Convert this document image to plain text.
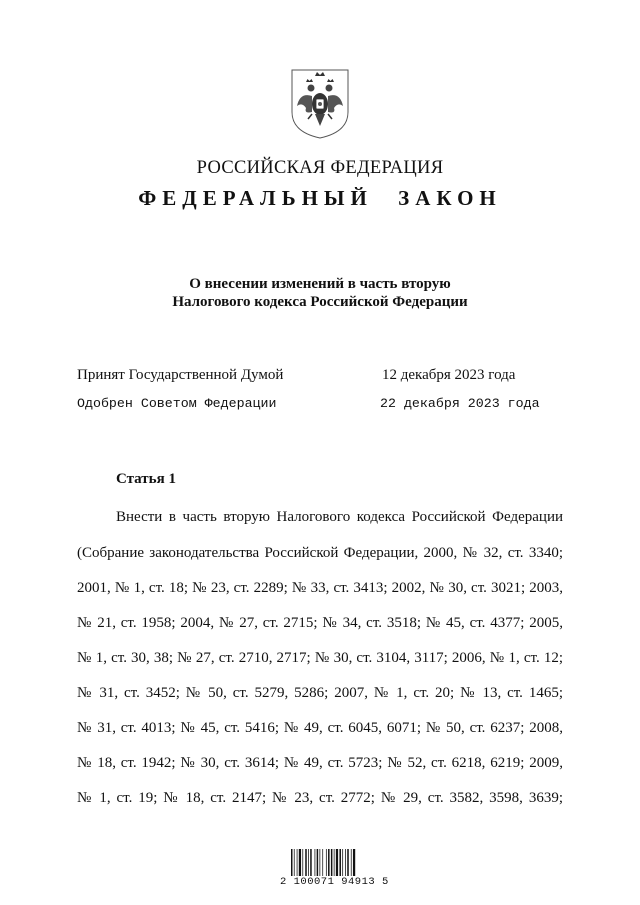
РОССИЙСКАЯ ФЕДЕРАЦИЯ
ФЕДЕРАЛЬНЫЙ ЗАКОН
О внесении изменений в часть вторую
Налогового кодекса Российской Федерации
Принят Государственной Думой	12 декабря 2023 года
Одобрен Советом Федерации	22 декабря 2023 года
Статья 1
Внести в часть вторую Налогового кодекса Российской Федерации
(Собрание законодательства Российской Федерации, 2000, № 32, ст. 3340;
2001, № 1, ст. 18; № 23, ст. 2289; № 33, ст. 3413; 2002, № 30, ст. 3021; 2003,
№ 21, ст. 1958; 2004, № 27, ст. 2715; № 34, ст. 3518; № 45, ст. 4377; 2005,
№ 1, ст. 30, 38; № 27, ст. 2710, 2717; № 30, ст. 3104, 3117; 2006, № 1, ст. 12;
№ 31, ст. 3452; № 50, ст. 5279, 5286; 2007, № 1, ст. 20; № 13, ст. 1465;
№ 31, ст. 4013; № 45, ст. 5416; № 49, ст. 6045, 6071; № 50, ст. 6237; 2008,
№ 18, ст. 1942; № 30, ст. 3614; № 49, ст. 5723; № 52, ст. 6218, 6219; 2009,
№ 1, ст. 19; № 18, ст. 2147; № 23, ст. 2772; № 29, ст. 3582, 3598, 3639;
2 100071 94913 5
